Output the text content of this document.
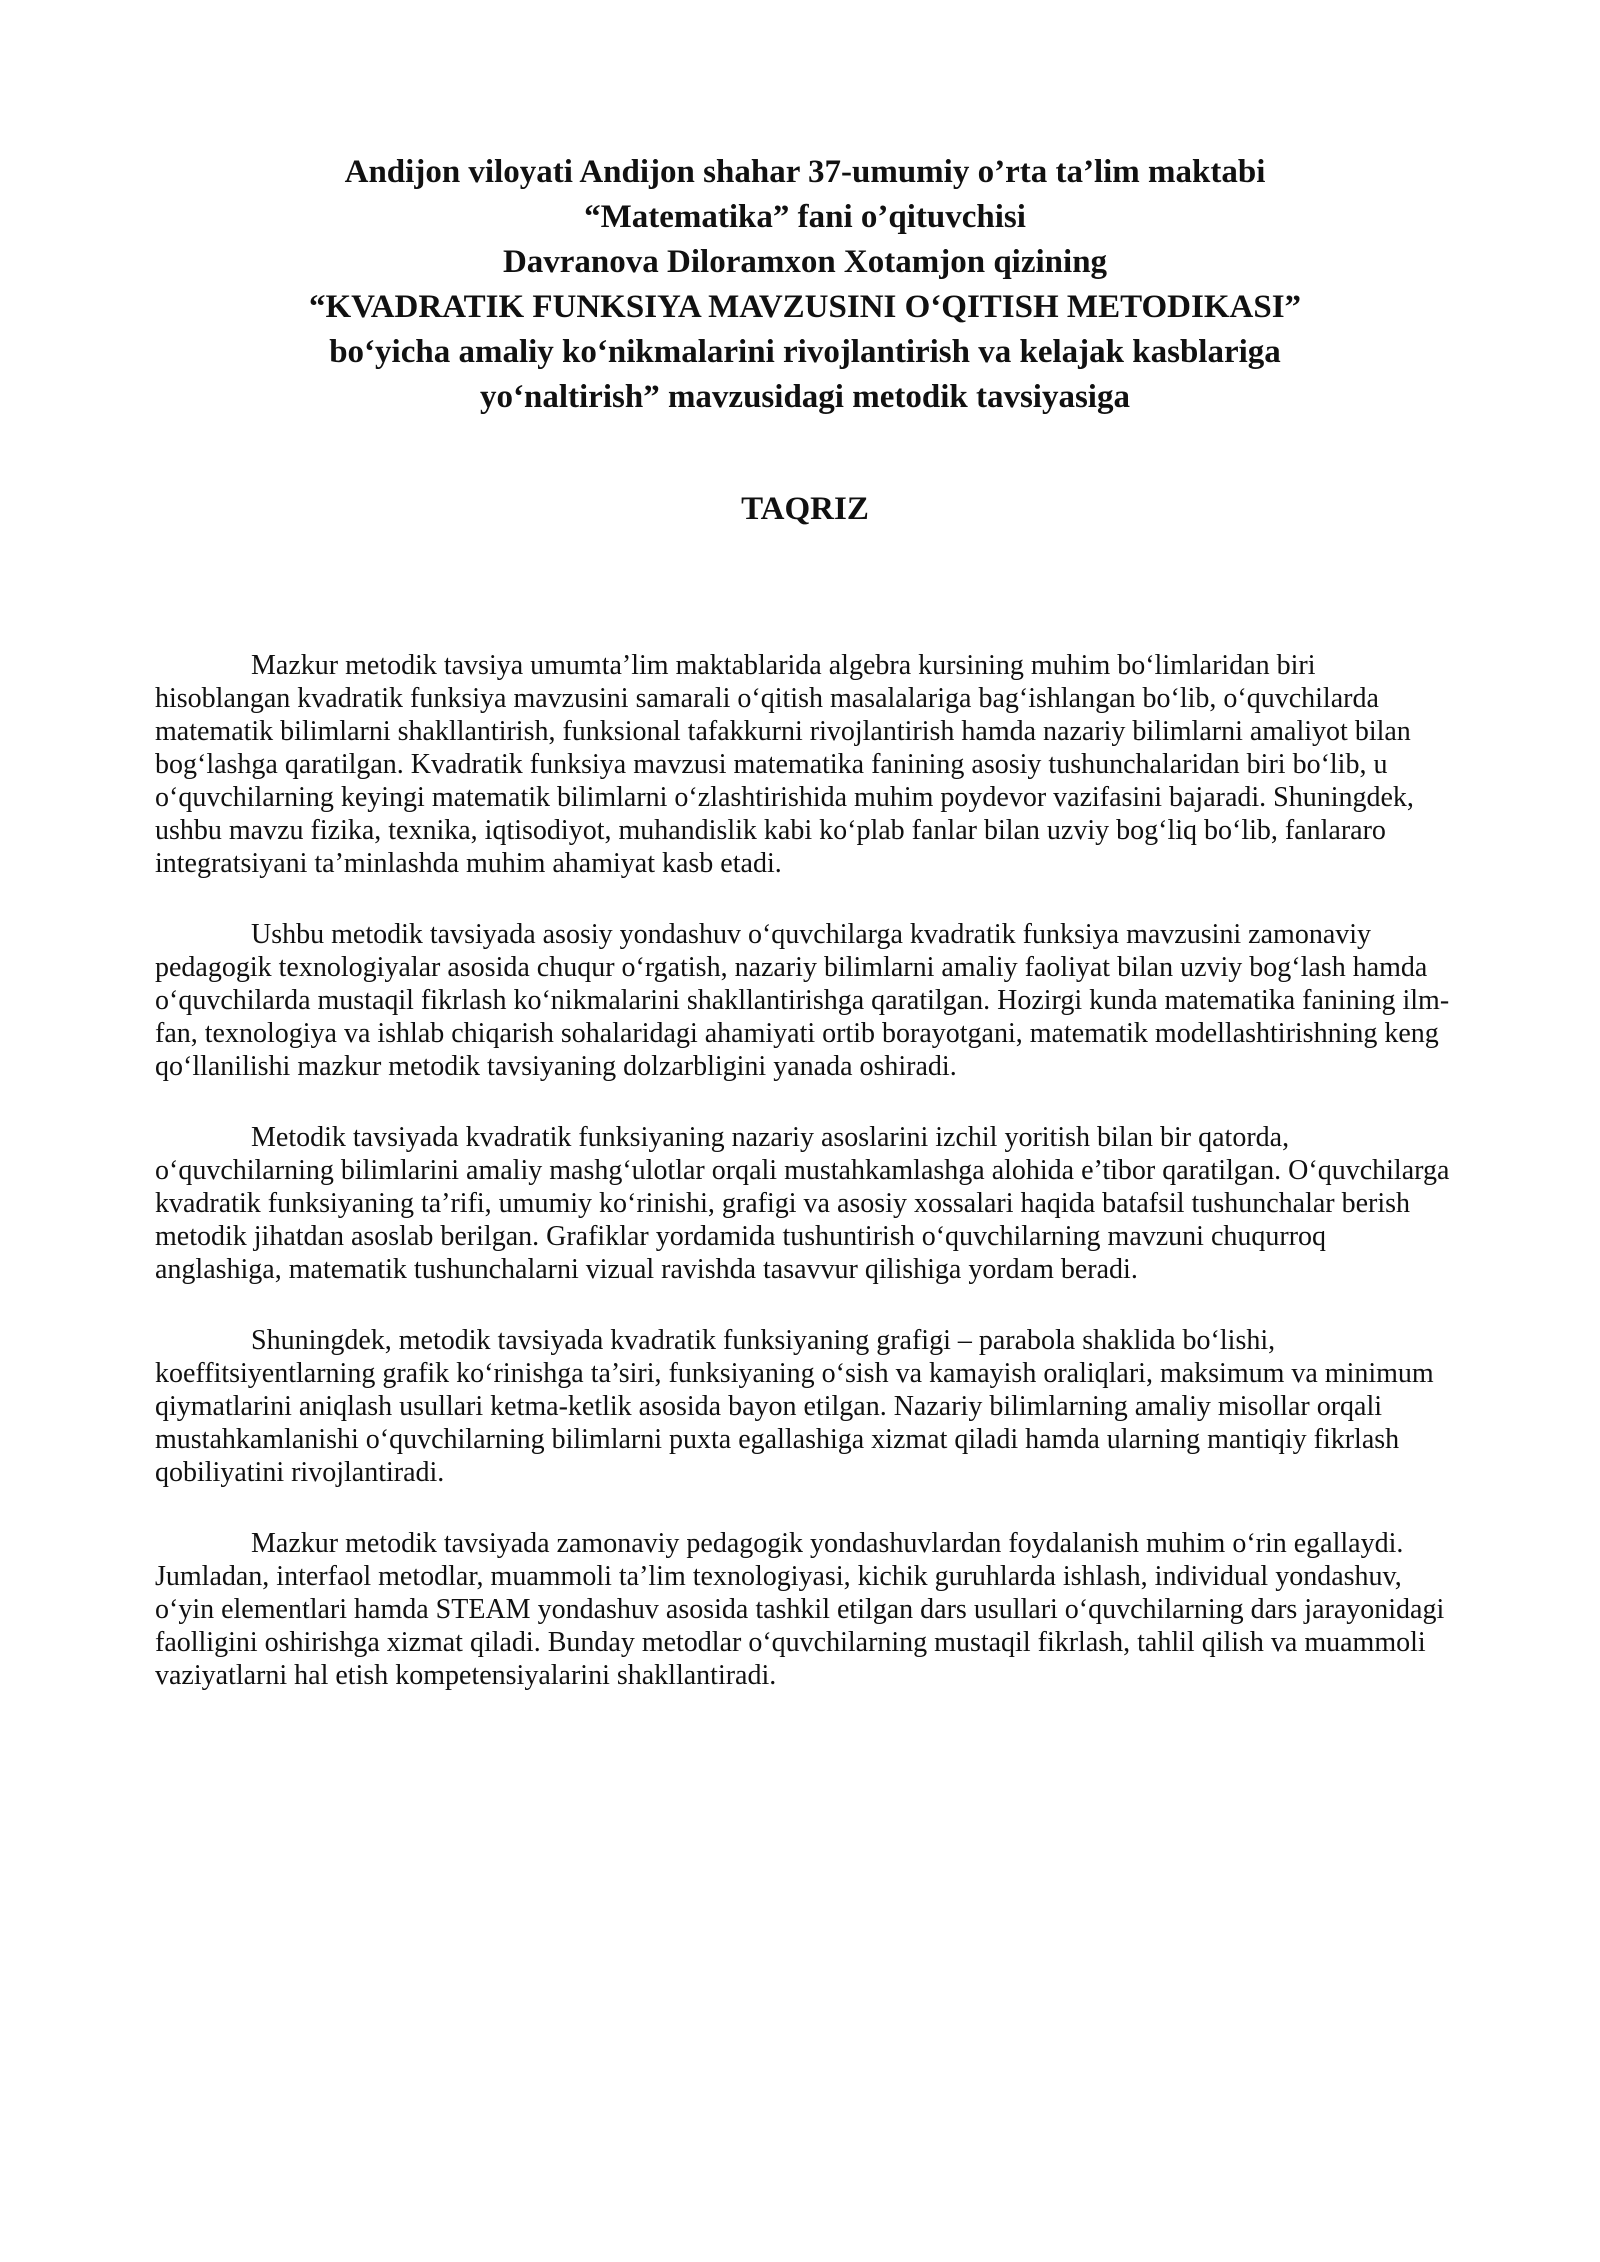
Andijon viloyati Andijon shahar 37-umumiy o’rta ta’lim maktabi
“Matematika” fani o’qituvchisi
Davranova Diloramxon Xotamjon qizining
“KVADRATIK FUNKSIYA MAVZUSINI O‘QITISH METODIKASI”
bo‘yicha amaliy ko‘nikmalarini rivojlantirish va kelajak kasblariga
yo‘naltirish” mavzusidagi metodik tavsiyasiga
TAQRIZ

Mazkur metodik tavsiya umumta’lim maktablarida algebra kursining muhim bo‘limlaridan biri hisoblangan kvadratik funksiya mavzusini samarali o‘qitish masalalariga bag‘ishlangan bo‘lib, o‘quvchilarda matematik bilimlarni shakllantirish, funksional tafakkurni rivojlantirish hamda nazariy bilimlarni amaliyot bilan bog‘lashga qaratilgan. Kvadratik funksiya mavzusi matematika fanining asosiy tushunchalaridan biri bo‘lib, u o‘quvchilarning keyingi matematik bilimlarni o‘zlashtirishida muhim poydevor vazifasini bajaradi. Shuningdek, ushbu mavzu fizika, texnika, iqtisodiyot, muhandislik kabi ko‘plab fanlar bilan uzviy bog‘liq bo‘lib, fanlararo integratsiyani ta’minlashda muhim ahamiyat kasb etadi.

Ushbu metodik tavsiyada asosiy yondashuv o‘quvchilarga kvadratik funksiya mavzusini zamonaviy pedagogik texnologiyalar asosida chuqur o‘rgatish, nazariy bilimlarni amaliy faoliyat bilan uzviy bog‘lash hamda o‘quvchilarda mustaqil fikrlash ko‘nikmalarini shakllantirishga qaratilgan. Hozirgi kunda matematika fanining ilm-fan, texnologiya va ishlab chiqarish sohalaridagi ahamiyati ortib borayotgani, matematik modellashtirishning keng qo‘llanilishi mazkur metodik tavsiyaning dolzarbligini yanada oshiradi.

Metodik tavsiyada kvadratik funksiyaning nazariy asoslarini izchil yoritish bilan bir qatorda, o‘quvchilarning bilimlarini amaliy mashg‘ulotlar orqali mustahkamlashga alohida e’tibor qaratilgan. O‘quvchilarga kvadratik funksiyaning ta’rifi, umumiy ko‘rinishi, grafigi va asosiy xossalari haqida batafsil tushunchalar berish metodik jihatdan asoslab berilgan. Grafiklar yordamida tushuntirish o‘quvchilarning mavzuni chuqurroq anglashiga, matematik tushunchalarni vizual ravishda tasavvur qilishiga yordam beradi.

Shuningdek, metodik tavsiyada kvadratik funksiyaning grafigi – parabola shaklida bo‘lishi, koeffitsiyentlarning grafik ko‘rinishga ta’siri, funksiyaning o‘sish va kamayish oraliqlari, maksimum va minimum qiymatlarini aniqlash usullari ketma-ketlik asosida bayon etilgan. Nazariy bilimlarning amaliy misollar orqali mustahkamlanishi o‘quvchilarning bilimlarni puxta egallashiga xizmat qiladi hamda ularning mantiqiy fikrlash qobiliyatini rivojlantiradi.

Mazkur metodik tavsiyada zamonaviy pedagogik yondashuvlardan foydalanish muhim o‘rin egallaydi. Jumladan, interfaol metodlar, muammoli ta’lim texnologiyasi, kichik guruhlarda ishlash, individual yondashuv, o‘yin elementlari hamda STEAM yondashuv asosida tashkil etilgan dars usullari o‘quvchilarning dars jarayonidagi faolligini oshirishga xizmat qiladi. Bunday metodlar o‘quvchilarning mustaqil fikrlash, tahlil qilish va muammoli vaziyatlarni hal etish kompetensiyalarini shakllantiradi.
